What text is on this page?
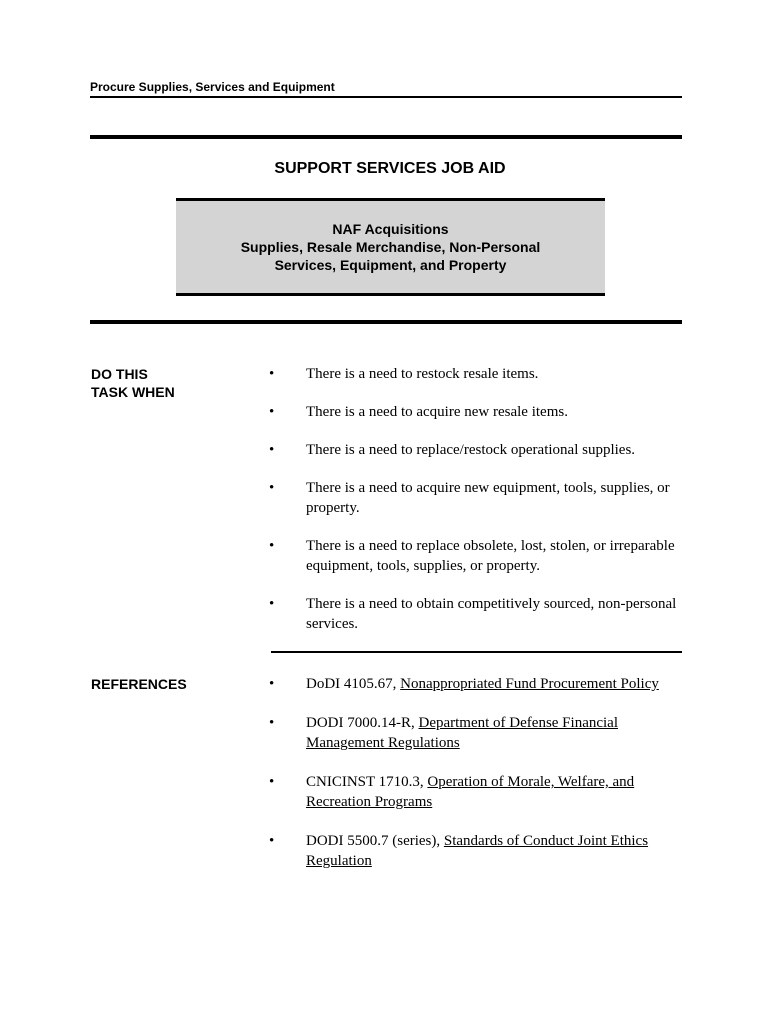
Procure Supplies, Services and Equipment
SUPPORT SERVICES JOB AID
NAF Acquisitions
Supplies, Resale Merchandise, Non-Personal
Services, Equipment, and Property
DO THIS
TASK WHEN
• There is a need to restock resale items.
• There is a need to acquire new resale items.
• There is a need to replace/restock operational supplies.
• There is a need to acquire new equipment, tools, supplies, or property.
• There is a need to replace obsolete, lost, stolen, or irreparable equipment, tools, supplies, or property.
• There is a need to obtain competitively sourced, non-personal services.
REFERENCES	• DoDI 4105.67, Nonappropriated Fund Procurement Policy
• DODI 7000.14-R, Department of Defense Financial Management Regulations
• CNICINST 1710.3, Operation of Morale, Welfare, and Recreation Programs
• DODI 5500.7 (series), Standards of Conduct Joint Ethics Regulation
